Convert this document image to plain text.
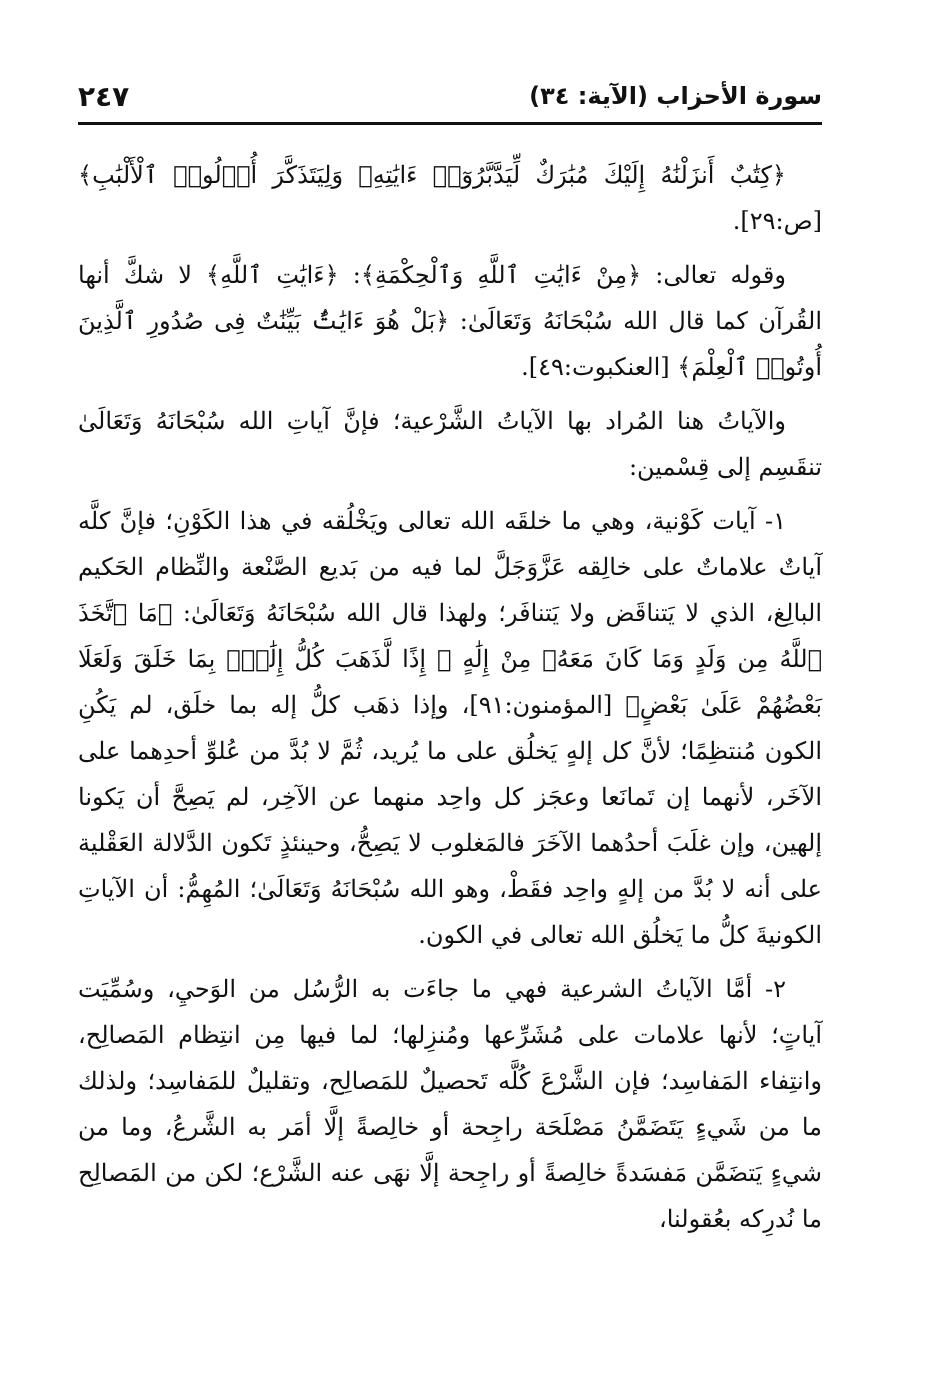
سورة الأحزاب (الآية: ٣٤)
٢٤٧

﴿كِتَٰبٌ أَنزَلْنَٰهُ إِلَيْكَ مُبَٰرَكٌ لِّيَدَّبَّرُوٓا۟ ءَايَٰتِهِۦ وَلِيَتَذَكَّرَ أُو۟لُوا۟ ٱلْأَلْبَٰبِ﴾ [ص:٢٩].

وقوله تعالى: ﴿مِنْ ءَايَٰتِ ٱللَّهِ وَٱلْحِكْمَةِ﴾: ﴿ءَايَٰتِ ٱللَّهِ﴾ لا شكَّ أنها القُرآن كما قال الله سُبْحَانَهُ وَتَعَالَىٰ: ﴿بَلْ هُوَ ءَايَٰتٌۢ بَيِّنَٰتٌ فِى صُدُورِ ٱلَّذِينَ أُوتُوا۟ ٱلْعِلْمَ﴾ [العنكبوت:٤٩].

والآياتُ هنا المُراد بها الآياتُ الشَّرْعية؛ فإنَّ آياتِ الله سُبْحَانَهُ وَتَعَالَىٰ تنقَسِم إلى قِسْمين:

١- آيات كَوْنية، وهي ما خلقَه الله تعالى ويَخْلُقه في هذا الكَوْنِ؛ فإنَّ كلَّه آياتٌ علاماتٌ على خالِقه عَزَّوَجَلَّ لما فيه من بَديع الصَّنْعة والنِّظام الحَكيم البالِغ، الذي لا يَتناقَض ولا يَتنافَر؛ ولهذا قال الله سُبْحَانَهُ وَتَعَالَىٰ: ﴿مَا ٱتَّخَذَ ٱللَّهُ مِن وَلَدٍ وَمَا كَانَ مَعَهُۥ مِنْ إِلَٰهٍ ۚ إِذًا لَّذَهَبَ كُلُّ إِلَٰهٍۭ بِمَا خَلَقَ وَلَعَلَا بَعْضُهُمْ عَلَىٰ بَعْضٍ﴾ [المؤمنون:٩١]، وإذا ذهَب كلُّ إله بما خلَق، لم يَكُنِ الكون مُنتظِمًا؛ لأنَّ كل إلهٍ يَخلُق على ما يُريد، ثُمَّ لا بُدَّ من عُلوِّ أحدِهما على الآخَر، لأنهما إن تَمانَعا وعجَز كل واحِد منهما عن الآخِر، لم يَصِحَّ أن يَكونا إلهين، وإن غلَبَ أحدُهما الآخَرَ فالمَغلوب لا يَصِحُّ، وحينئذٍ تَكون الدَّلالة العَقْلية على أنه لا بُدَّ من إلهٍ واحِد فقَطْ، وهو الله سُبْحَانَهُ وَتَعَالَىٰ؛ المُهِمُّ: أن الآياتِ الكونيةَ كلُّ ما يَخلُق الله تعالى في الكون.

٢- أمَّا الآياتُ الشرعية فهي ما جاءَت به الرُّسُل من الوَحيِ، وسُمِّيَت آياتٍ؛ لأنها علامات على مُشَرِّعها ومُنزِلها؛ لما فيها مِن انتِظام المَصالِح، وانتِفاء المَفاسِد؛ فإن الشَّرْعَ كُلَّه تَحصيلٌ للمَصالِح، وتقليلٌ للمَفاسِد؛ ولذلك ما من شَيءٍ يَتَضَمَّنُ مَصْلَحَة راجِحة أو خالِصةً إلَّا أمَر به الشَّرعُ، وما من شيءٍ يَتضَمَّن مَفسَدةً خالِصةً أو راجِحة إلَّا نهَى عنه الشَّرْع؛ لكن من المَصالِح ما نُدرِكه بعُقولنا،
